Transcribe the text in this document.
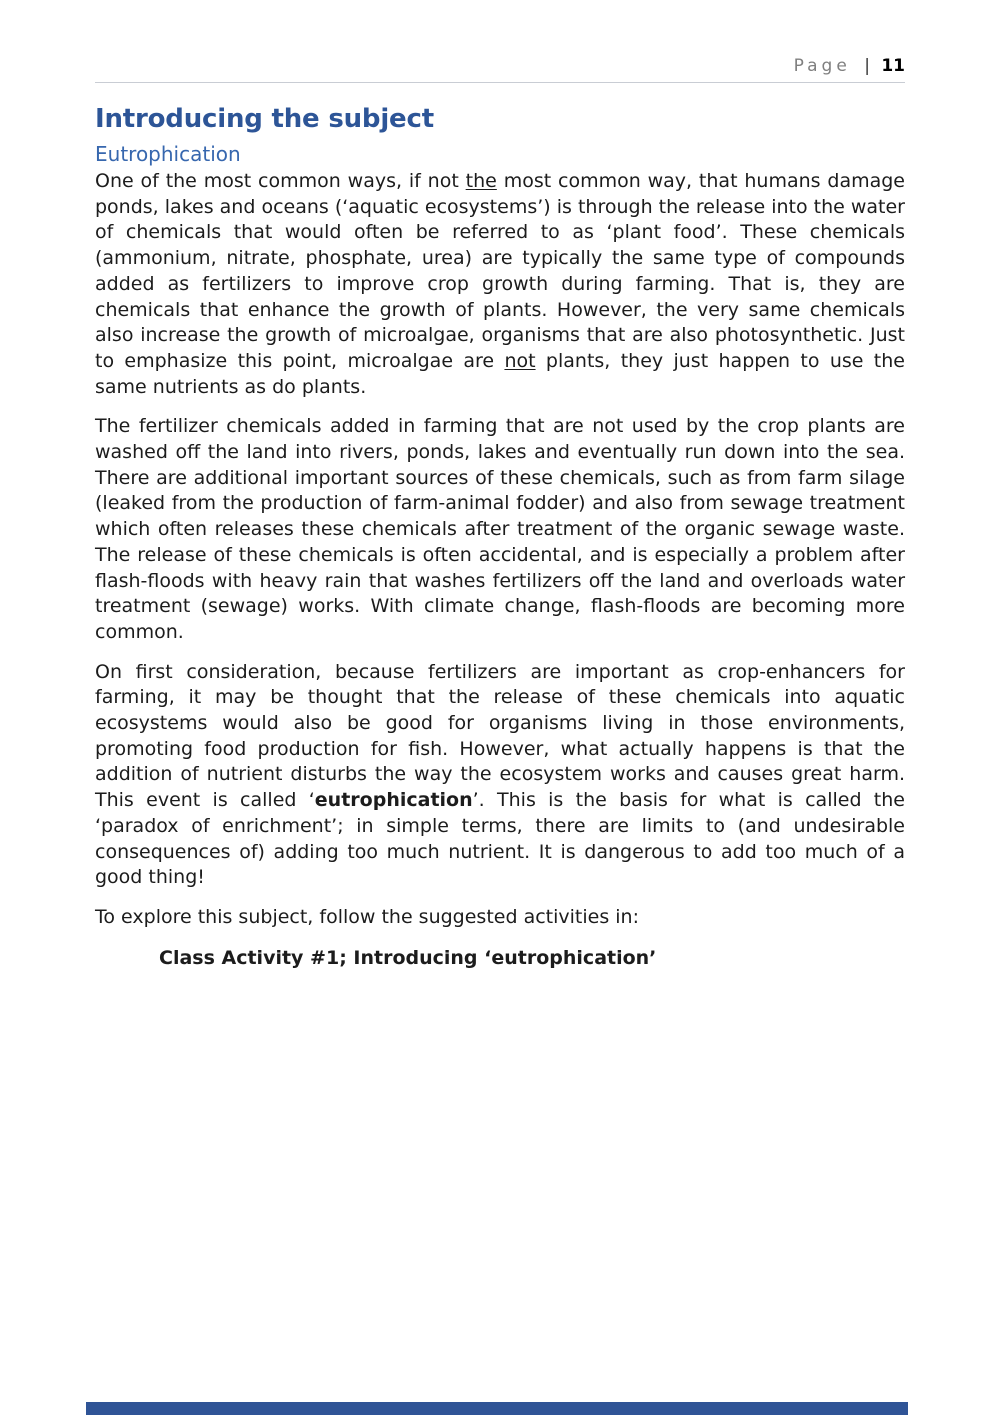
Page | 11
Introducing the subject
Eutrophication

One of the most common ways, if not the most common way, that humans damage ponds, lakes and oceans (‘aquatic ecosystems’) is through the release into the water of chemicals that would often be referred to as ‘plant food’. These chemicals (ammonium, nitrate, phosphate, urea) are typically the same type of compounds added as fertilizers to improve crop growth during farming. That is, they are chemicals that enhance the growth of plants. However, the very same chemicals also increase the growth of microalgae, organisms that are also photosynthetic. Just to emphasize this point, microalgae are not plants, they just happen to use the same nutrients as do plants.

The fertilizer chemicals added in farming that are not used by the crop plants are washed off the land into rivers, ponds, lakes and eventually run down into the sea. There are additional important sources of these chemicals, such as from farm silage (leaked from the production of farm-animal fodder) and also from sewage treatment which often releases these chemicals after treatment of the organic sewage waste. The release of these chemicals is often accidental, and is especially a problem after flash-floods with heavy rain that washes fertilizers off the land and overloads water treatment (sewage) works. With climate change, flash-floods are becoming more common.

On first consideration, because fertilizers are important as crop-enhancers for farming, it may be thought that the release of these chemicals into aquatic ecosystems would also be good for organisms living in those environments, promoting food production for fish. However, what actually happens is that the addition of nutrient disturbs the way the ecosystem works and causes great harm. This event is called ‘eutrophication’. This is the basis for what is called the ‘paradox of enrichment’; in simple terms, there are limits to (and undesirable consequences of) adding too much nutrient. It is dangerous to add too much of a good thing!

To explore this subject, follow the suggested activities in:

Class Activity #1; Introducing ‘eutrophication’
